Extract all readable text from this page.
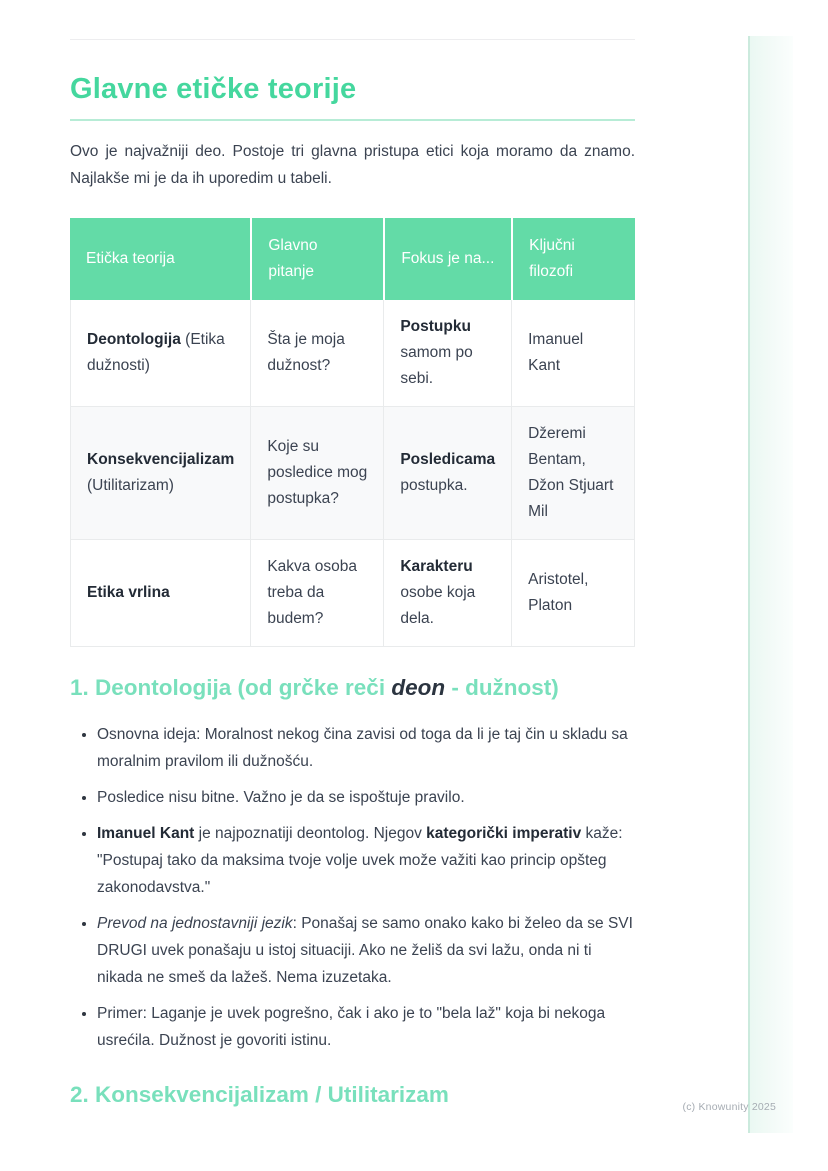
Glavne etičke teorije

Ovo je najvažniji deo. Postoje tri glavna pristupa etici koja moramo da znamo. Najlakše mi je da ih uporedim u tabeli.

Etička teorija	Glavno pitanje	Fokus je na...	Ključni filozofi
Deontologija (Etika dužnosti)	Šta je moja dužnost?	Postupku samom po sebi.	Imanuel Kant
Konsekvencijalizam (Utilitarizam)	Koje su posledice mog postupka?	Posledicama postupka.	Džeremi Bentam, Džon Stjuart Mil
Etika vrlina	Kakva osoba treba da budem?	Karakteru osobe koja dela.	Aristotel, Platon
1. Deontologija (od grčke reči deon - dužnost)
• Osnovna ideja: Moralnost nekog čina zavisi od toga da li je taj čin u skladu sa moralnim pravilom ili dužnošću.
• Posledice nisu bitne. Važno je da se ispoštuje pravilo.
• Imanuel Kant je najpoznatiji deontolog. Njegov kategorički imperativ kaže: "Postupaj tako da maksima tvoje volje uvek može važiti kao princip opšteg zakonodavstva."
• Prevod na jednostavniji jezik: Ponašaj se samo onako kako bi želeo da se SVI DRUGI uvek ponašaju u istoj situaciji. Ako ne želiš da svi lažu, onda ni ti nikada ne smeš da lažeš. Nema izuzetaka.
• Primer: Laganje je uvek pogrešno, čak i ako je to "bela laž" koja bi nekoga usrećila. Dužnost je govoriti istinu.
2. Konsekvencijalizam / Utilitarizam	(c) Knowunity 2025
